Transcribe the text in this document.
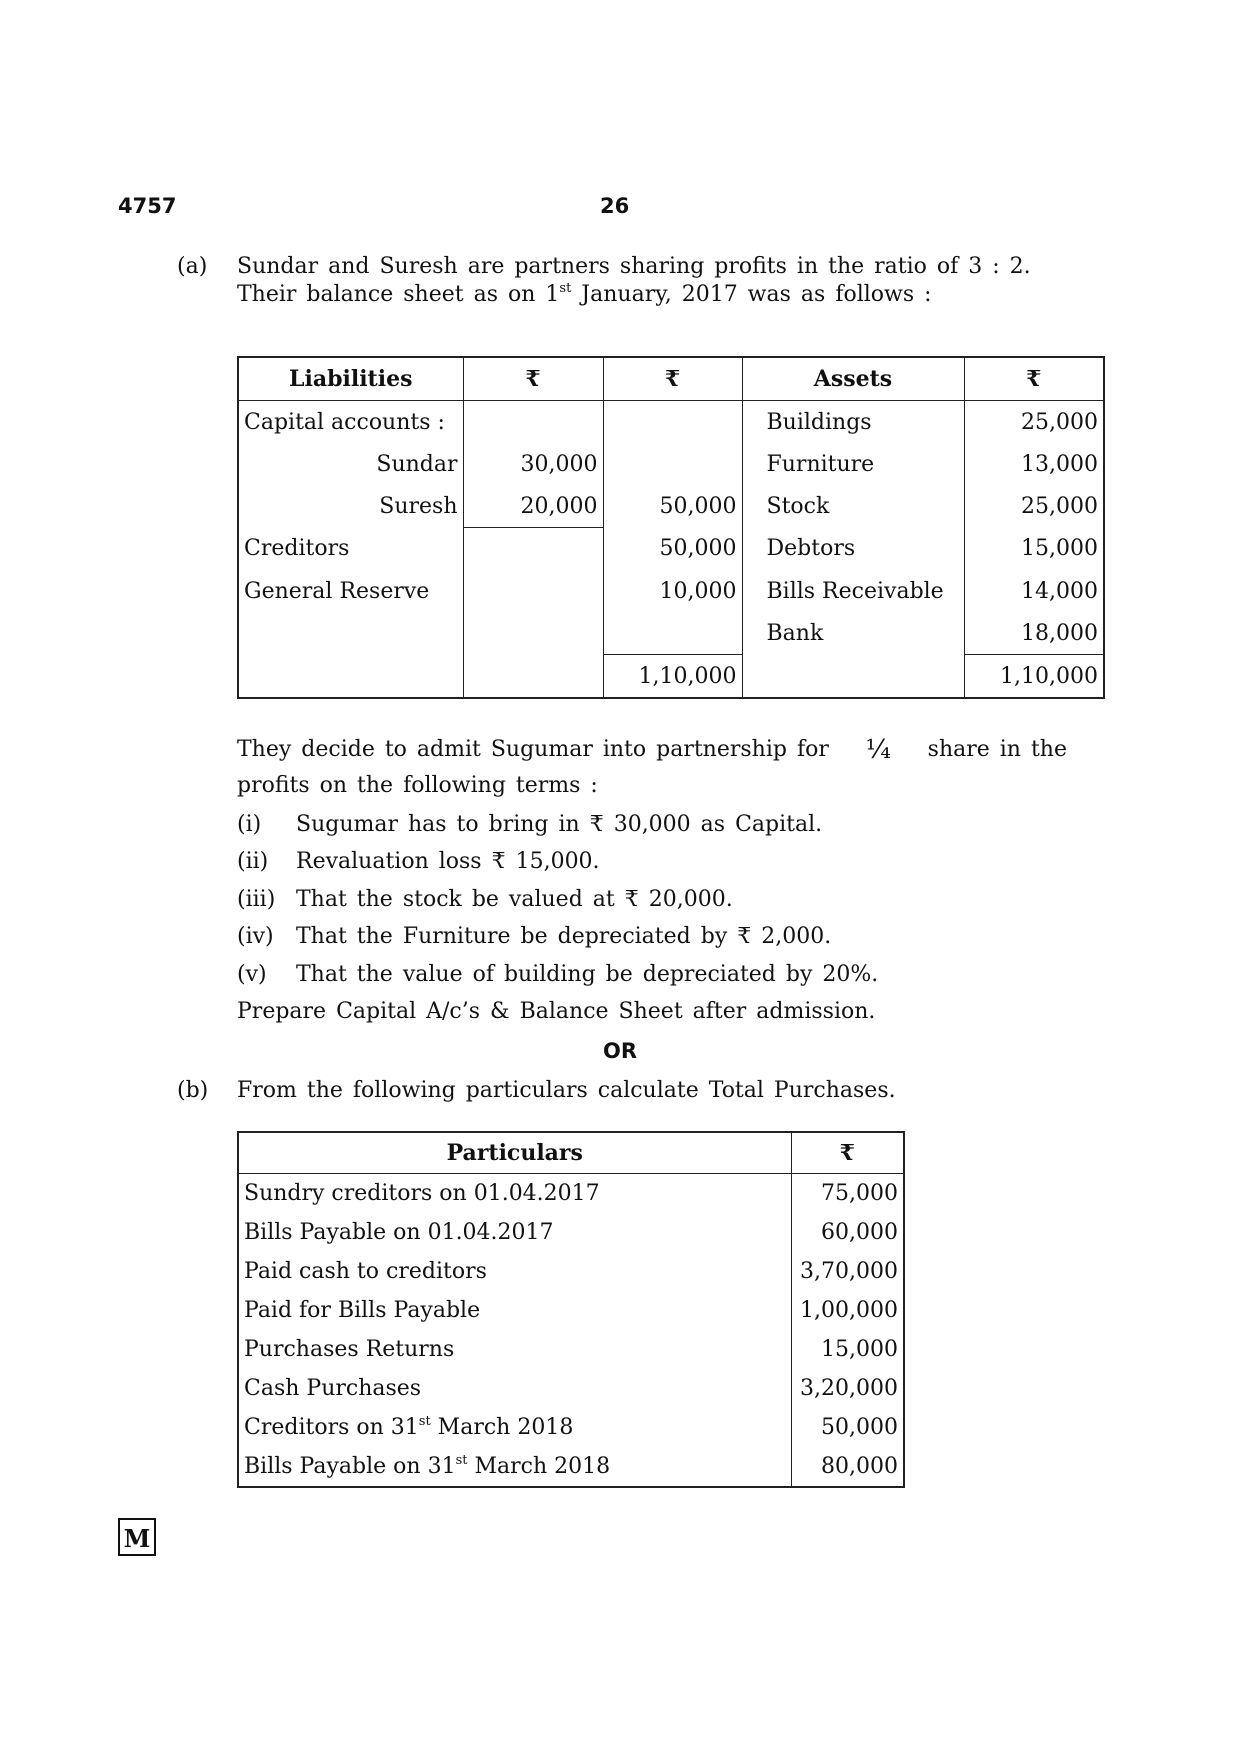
4757	26
(a) Sundar and Suresh are partners sharing profits in the ratio of 3 : 2.
Their balance sheet as on 1st January, 2017 was as follows :
Liabilities	₹	₹	Assets	₹
Capital accounts :			Buildings	25,000
Sundar	30,000		Furniture	13,000
Suresh	20,000	50,000	Stock	25,000
Creditors		50,000	Debtors	15,000
General Reserve		10,000	Bills Receivable	14,000
			Bank	18,000
		1,10,000		1,10,000
They decide to admit Sugumar into partnership for ¼ share in the
profits on the following terms :
(i) Sugumar has to bring in ₹ 30,000 as Capital.
(ii) Revaluation loss ₹ 15,000.
(iii) That the stock be valued at ₹ 20,000.
(iv) That the Furniture be depreciated by ₹ 2,000.
(v) That the value of building be depreciated by 20%.
Prepare Capital A/c’s & Balance Sheet after admission.
OR
(b) From the following particulars calculate Total Purchases.
Particulars	₹
Sundry creditors on 01.04.2017	75,000
Bills Payable on 01.04.2017	60,000
Paid cash to creditors	3,70,000
Paid for Bills Payable	1,00,000
Purchases Returns	15,000
Cash Purchases	3,20,000
Creditors on 31st March 2018	50,000
Bills Payable on 31st March 2018	80,000
M
